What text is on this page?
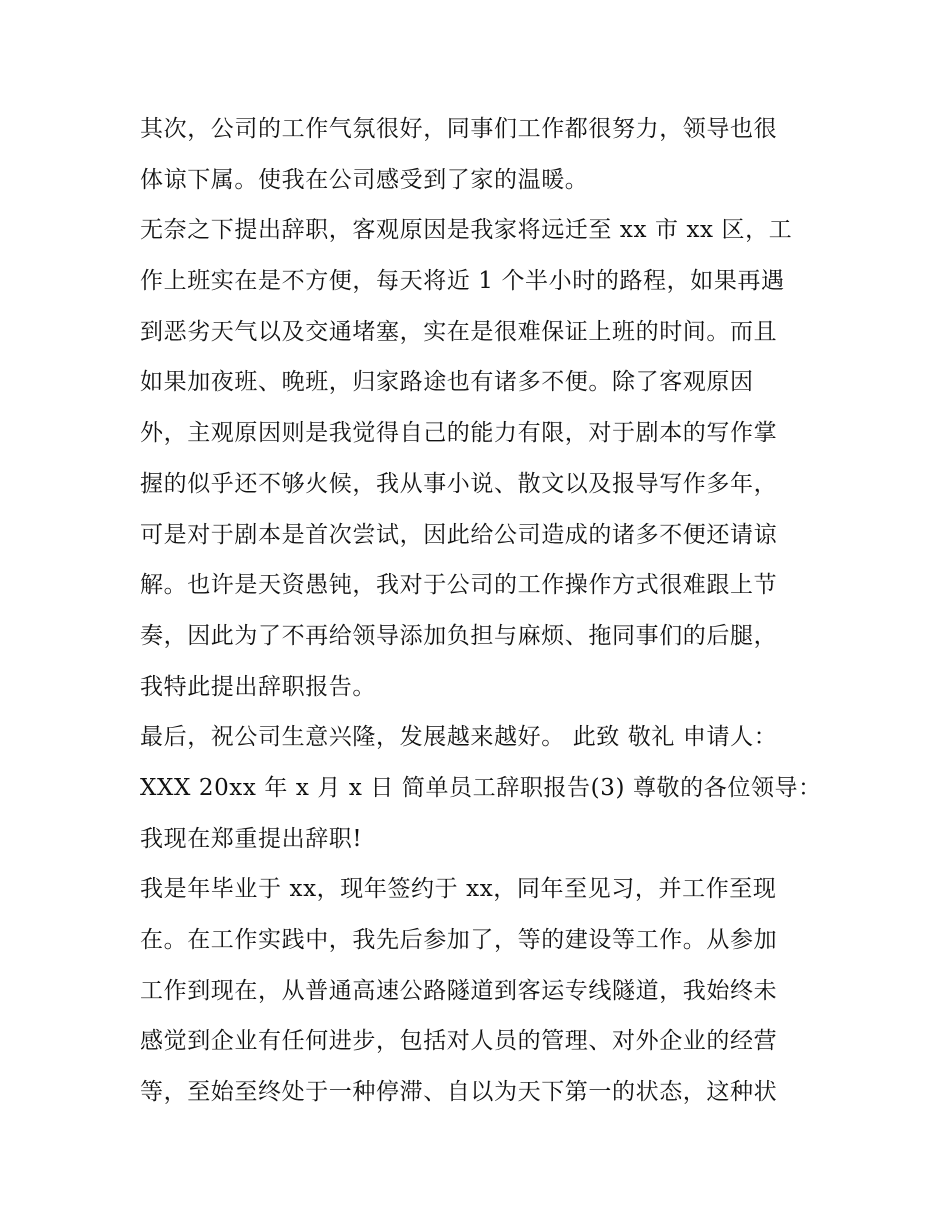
其次，公司的工作气氛很好，同事们工作都很努力，领导也很
体谅下属。使我在公司感受到了家的温暖。
无奈之下提出辞职，客观原因是我家将远迁至 xx 市 xx 区，工
作上班实在是不方便，每天将近 1 个半小时的路程，如果再遇
到恶劣天气以及交通堵塞，实在是很难保证上班的时间。而且
如果加夜班、晚班，归家路途也有诸多不便。除了客观原因
外，主观原因则是我觉得自己的能力有限，对于剧本的写作掌
握的似乎还不够火候，我从事小说、散文以及报导写作多年，
可是对于剧本是首次尝试，因此给公司造成的诸多不便还请谅
解。也许是天资愚钝，我对于公司的工作操作方式很难跟上节
奏，因此为了不再给领导添加负担与麻烦、拖同事们的后腿，
我特此提出辞职报告。
最后，祝公司生意兴隆，发展越来越好。 此致 敬礼 申请人：
XXX 20xx 年 x 月 x 日 简单员工辞职报告(3) 尊敬的各位领导：
我现在郑重提出辞职!
我是年毕业于 xx，现年签约于 xx，同年至见习，并工作至现
在。在工作实践中，我先后参加了，等的建设等工作。从参加
工作到现在，从普通高速公路隧道到客运专线隧道，我始终未
感觉到企业有任何进步，包括对人员的管理、对外企业的经营
等，至始至终处于一种停滞、自以为天下第一的状态，这种状
